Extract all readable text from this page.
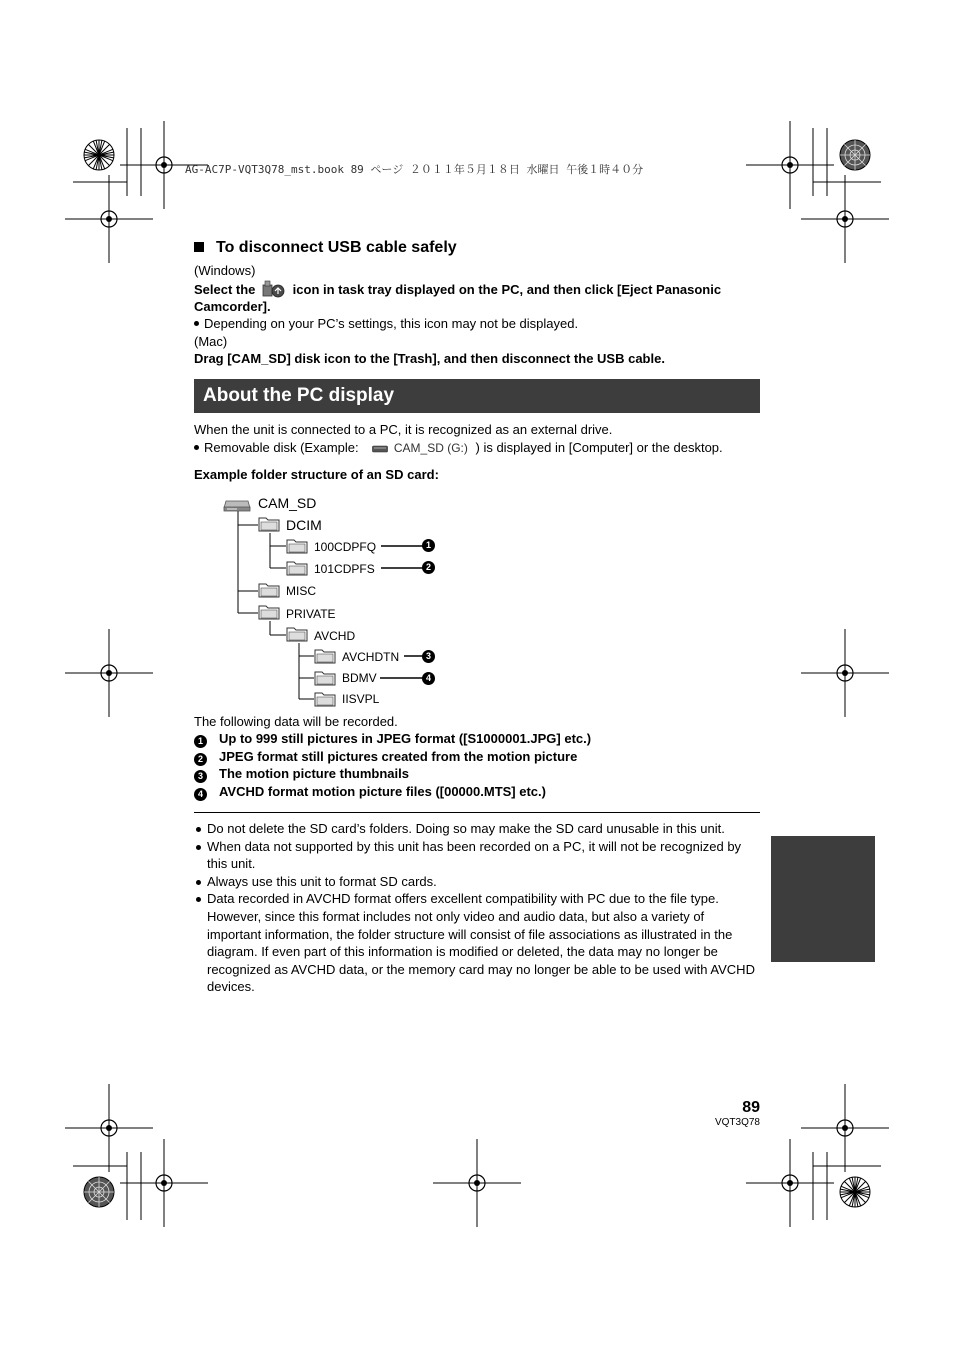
AG-AC7P-VQT3Q78_mst.book 89 ページ ２０１１年５月１８日 水曜日 午後１時４０分
To disconnect USB cable safely
(Windows)
Select the	icon in task tray displayed on the PC, and then click [Eject Panasonic
Camcorder].
Depending on your PC’s settings, this icon may not be displayed.
(Mac)
Drag [CAM_SD] disk icon to the [Trash], and then disconnect the USB cable.
About the PC display
When the unit is connected to a PC, it is recognized as an external drive.
Removable disk (Example:	CAM_SD (G:) ) is displayed in [Computer] or the desktop.
Example folder structure of an SD card:
CAM_SD
DCIM
100CDPFQ	1
101CDPFS	2
MISC
PRIVATE
AVCHD
AVCHDTN	3
BDMV	4
IISVPL
The following data will be recorded.
1 Up to 999 still pictures in JPEG format ([S1000001.JPG] etc.)
2 JPEG format still pictures created from the motion picture
3 The motion picture thumbnails
4 AVCHD format motion picture files ([00000.MTS] etc.)
Do not delete the SD card’s folders. Doing so may make the SD card unusable in this unit.
When data not supported by this unit has been recorded on a PC, it will not be recognized by this unit.
Always use this unit to format SD cards.
Data recorded in AVCHD format offers excellent compatibility with PC due to the file type. However, since this format includes not only video and audio data, but also a variety of important information, the folder structure will consist of file associations as illustrated in the diagram. If even part of this information is modified or deleted, the data may no longer be recognized as AVCHD data, or the memory card may no longer be able to be used with AVCHD devices.
89
VQT3Q78
